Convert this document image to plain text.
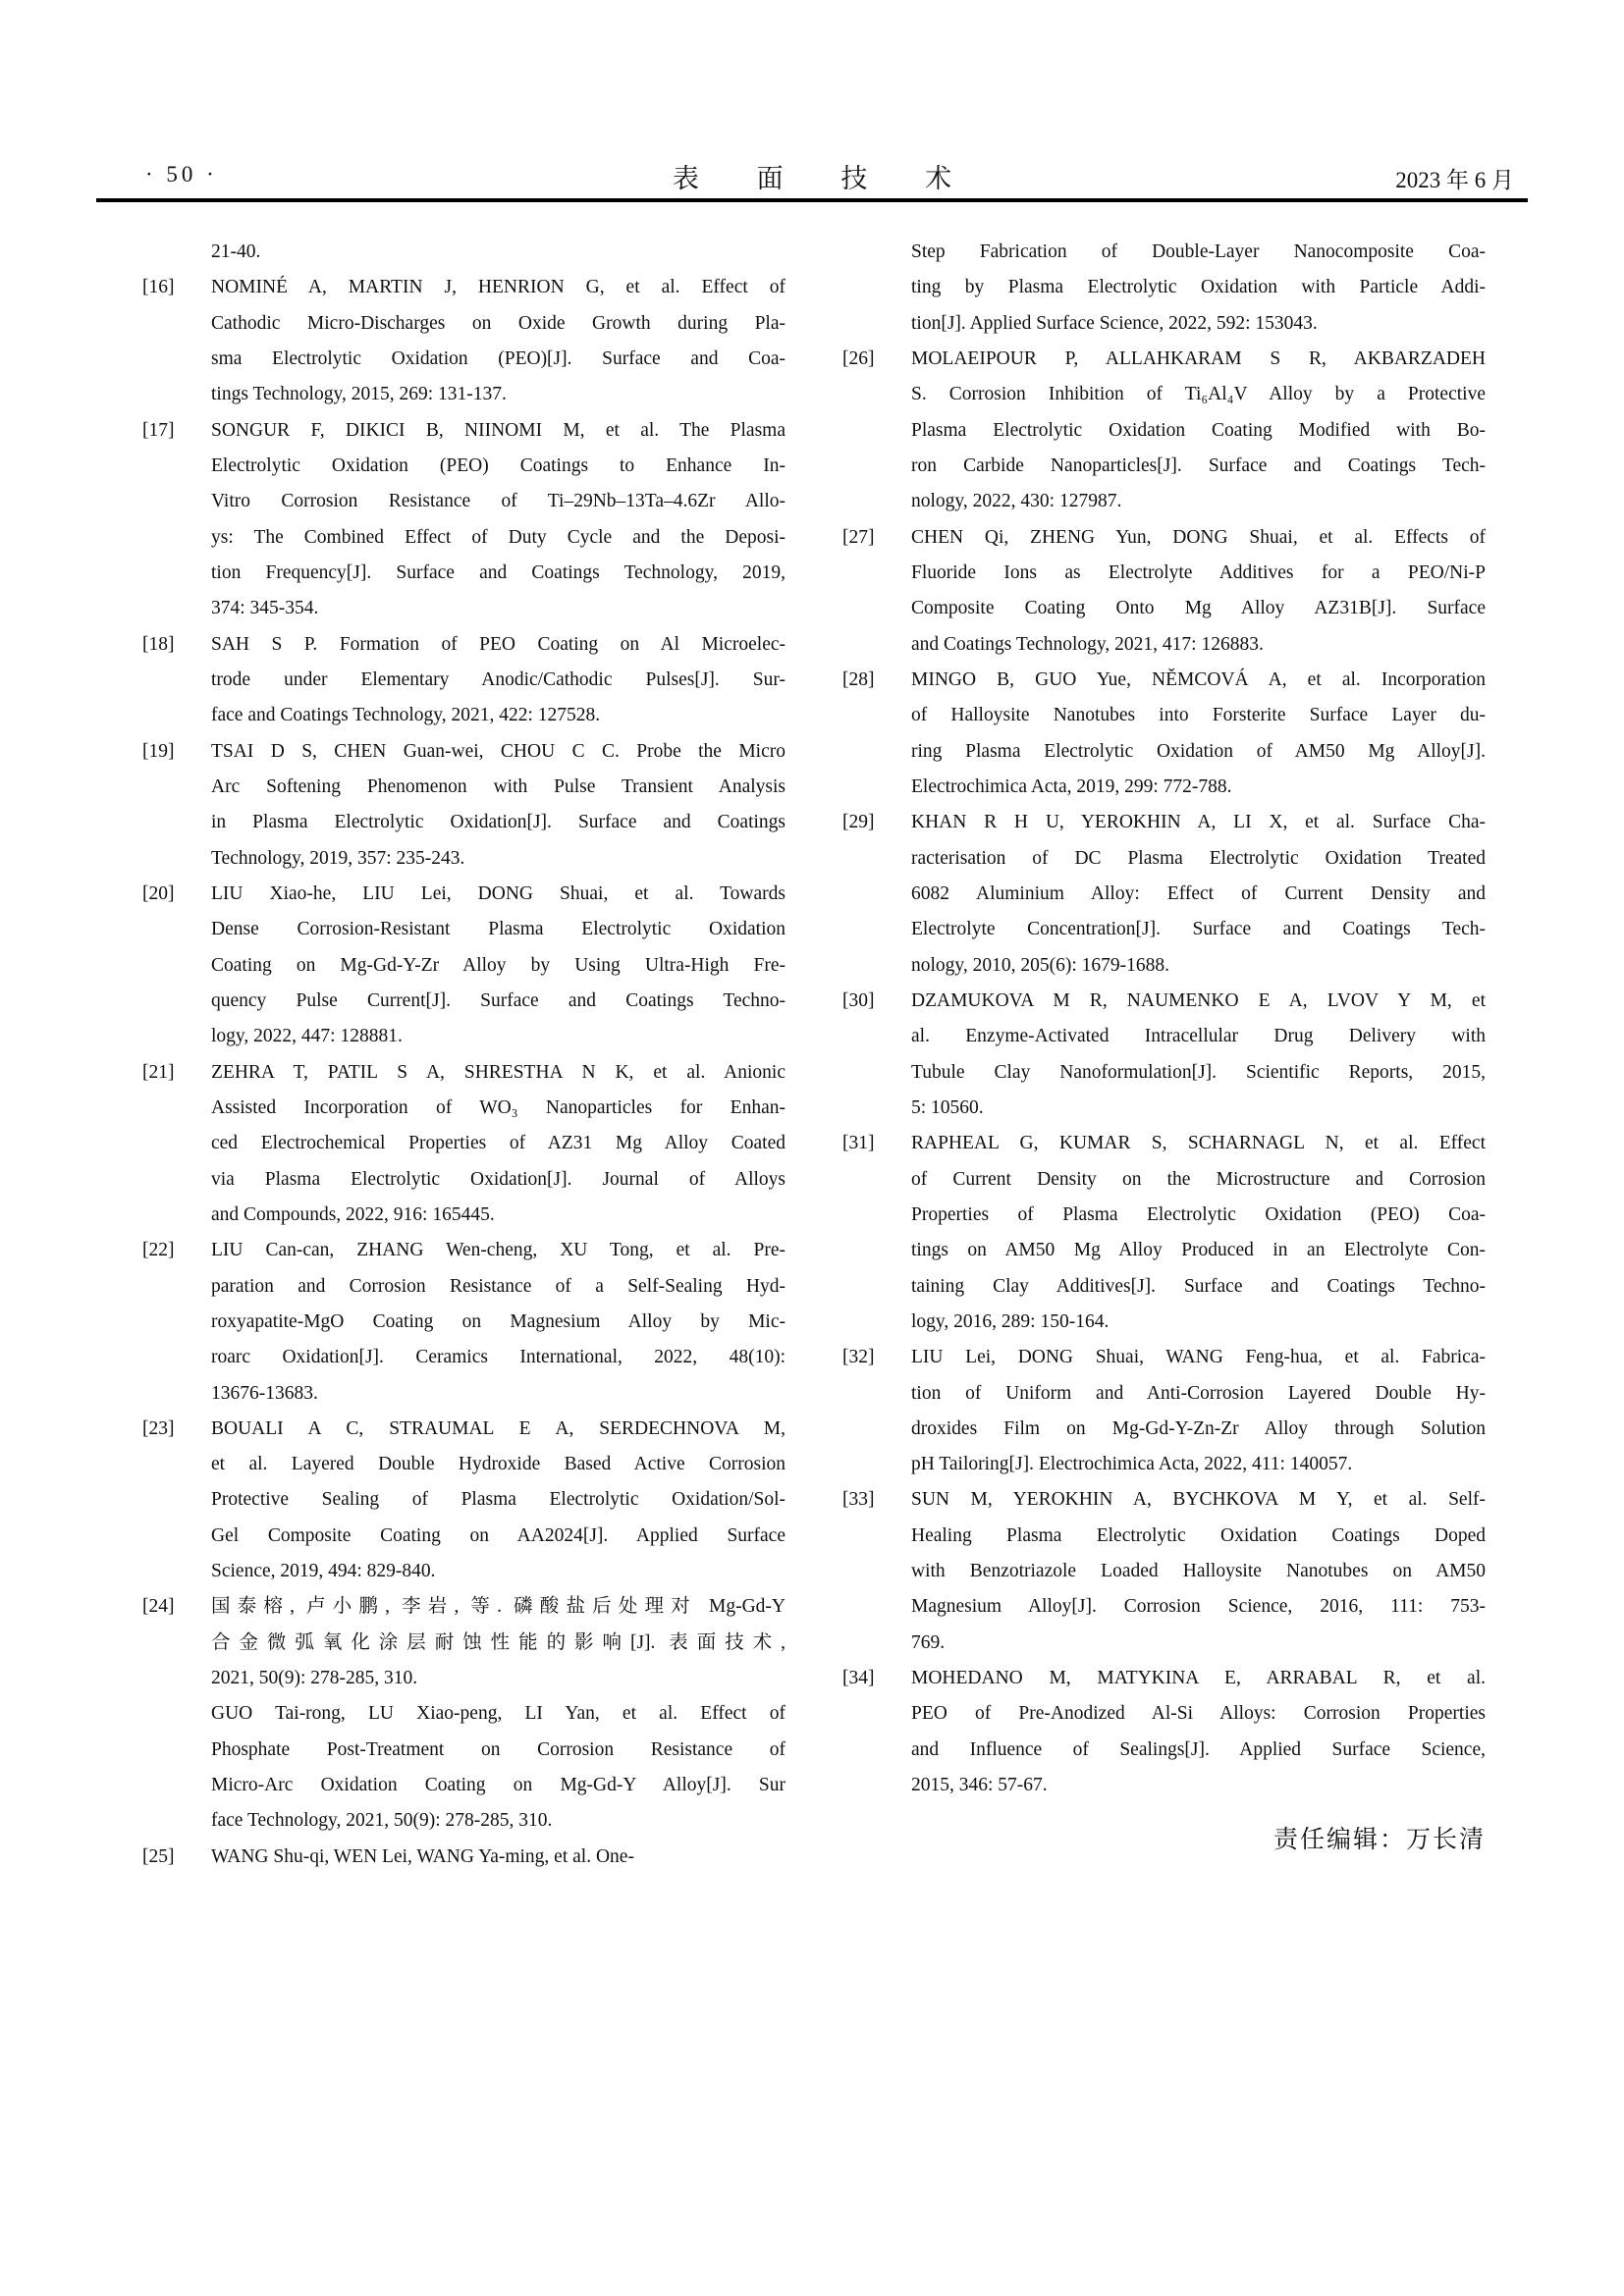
· 50 ·	表 面 技 术	2023 年 6 月
21-40.
[16] NOMINÉ A, MARTIN J, HENRION G, et al. Effect of
Cathodic Micro-Discharges on Oxide Growth during Pla-
sma Electrolytic Oxidation (PEO)[J]. Surface and Coa-
tings Technology, 2015, 269: 131-137.
[17] SONGUR F, DIKICI B, NIINOMI M, et al. The Plasma
Electrolytic Oxidation (PEO) Coatings to Enhance In-
Vitro Corrosion Resistance of Ti–29Nb–13Ta–4.6Zr Allo-
ys: The Combined Effect of Duty Cycle and the Deposi-
tion Frequency[J]. Surface and Coatings Technology, 2019,
374: 345-354.
[18] SAH S P. Formation of PEO Coating on Al Microelec-
trode under Elementary Anodic/Cathodic Pulses[J]. Sur-
face and Coatings Technology, 2021, 422: 127528.
[19] TSAI D S, CHEN Guan-wei, CHOU C C. Probe the Micro
Arc Softening Phenomenon with Pulse Transient Analysis
in Plasma Electrolytic Oxidation[J]. Surface and Coatings
Technology, 2019, 357: 235-243.
[20] LIU Xiao-he, LIU Lei, DONG Shuai, et al. Towards
Dense Corrosion-Resistant Plasma Electrolytic Oxidation
Coating on Mg-Gd-Y-Zr Alloy by Using Ultra-High Fre-
quency Pulse Current[J]. Surface and Coatings Techno-
logy, 2022, 447: 128881.
[21] ZEHRA T, PATIL S A, SHRESTHA N K, et al. Anionic
Assisted Incorporation of WO₃ Nanoparticles for Enhan-
ced Electrochemical Properties of AZ31 Mg Alloy Coated
via Plasma Electrolytic Oxidation[J]. Journal of Alloys
and Compounds, 2022, 916: 165445.
[22] LIU Can-can, ZHANG Wen-cheng, XU Tong, et al. Pre-
paration and Corrosion Resistance of a Self-Sealing Hyd-
roxyapatite-MgO Coating on Magnesium Alloy by Mic-
roarc Oxidation[J]. Ceramics International, 2022, 48(10):
13676-13683.
[23] BOUALI A C, STRAUMAL E A, SERDECHNOVA M,
et al. Layered Double Hydroxide Based Active Corrosion
Protective Sealing of Plasma Electrolytic Oxidation/Sol-
Gel Composite Coating on AA2024[J]. Applied Surface
Science, 2019, 494: 829-840.
[24] 国泰榕, 卢小鹏, 李岩, 等. 磷酸盐后处理对 Mg-Gd-Y
合金微弧氧化涂层耐蚀性能的影响[J]. 表面技术,
2021, 50(9): 278-285, 310.
GUO Tai-rong, LU Xiao-peng, LI Yan, et al. Effect of
Phosphate Post-Treatment on Corrosion Resistance of
Micro-Arc Oxidation Coating on Mg-Gd-Y Alloy[J]. Sur
face Technology, 2021, 50(9): 278-285, 310.
[25] WANG Shu-qi, WEN Lei, WANG Ya-ming, et al. One-
Step Fabrication of Double-Layer Nanocomposite Coa-
ting by Plasma Electrolytic Oxidation with Particle Addi-
tion[J]. Applied Surface Science, 2022, 592: 153043.
[26] MOLAEIPOUR P, ALLAHKARAM S R, AKBARZADEH
S. Corrosion Inhibition of Ti₆Al₄V Alloy by a Protective
Plasma Electrolytic Oxidation Coating Modified with Bo-
ron Carbide Nanoparticles[J]. Surface and Coatings Tech-
nology, 2022, 430: 127987.
[27] CHEN Qi, ZHENG Yun, DONG Shuai, et al. Effects of
Fluoride Ions as Electrolyte Additives for a PEO/Ni-P
Composite Coating Onto Mg Alloy AZ31B[J]. Surface
and Coatings Technology, 2021, 417: 126883.
[28] MINGO B, GUO Yue, NĚMCOVÁ A, et al. Incorporation
of Halloysite Nanotubes into Forsterite Surface Layer du-
ring Plasma Electrolytic Oxidation of AM50 Mg Alloy[J].
Electrochimica Acta, 2019, 299: 772-788.
[29] KHAN R H U, YEROKHIN A, LI X, et al. Surface Cha-
racterisation of DC Plasma Electrolytic Oxidation Treated
6082 Aluminium Alloy: Effect of Current Density and
Electrolyte Concentration[J]. Surface and Coatings Tech-
nology, 2010, 205(6): 1679-1688.
[30] DZAMUKOVA M R, NAUMENKO E A, LVOV Y M, et
al. Enzyme-Activated Intracellular Drug Delivery with
Tubule Clay Nanoformulation[J]. Scientific Reports, 2015,
5: 10560.
[31] RAPHEAL G, KUMAR S, SCHARNAGL N, et al. Effect
of Current Density on the Microstructure and Corrosion
Properties of Plasma Electrolytic Oxidation (PEO) Coa-
tings on AM50 Mg Alloy Produced in an Electrolyte Con-
taining Clay Additives[J]. Surface and Coatings Techno-
logy, 2016, 289: 150-164.
[32] LIU Lei, DONG Shuai, WANG Feng-hua, et al. Fabrica-
tion of Uniform and Anti-Corrosion Layered Double Hy-
droxides Film on Mg-Gd-Y-Zn-Zr Alloy through Solution
pH Tailoring[J]. Electrochimica Acta, 2022, 411: 140057.
[33] SUN M, YEROKHIN A, BYCHKOVA M Y, et al. Self-
Healing Plasma Electrolytic Oxidation Coatings Doped
with Benzotriazole Loaded Halloysite Nanotubes on AM50
Magnesium Alloy[J]. Corrosion Science, 2016, 111: 753-
769.
[34] MOHEDANO M, MATYKINA E, ARRABAL R, et al.
PEO of Pre-Anodized Al-Si Alloys: Corrosion Properties
and Influence of Sealings[J]. Applied Surface Science,
2015, 346: 57-67.
责任编辑：万长清
